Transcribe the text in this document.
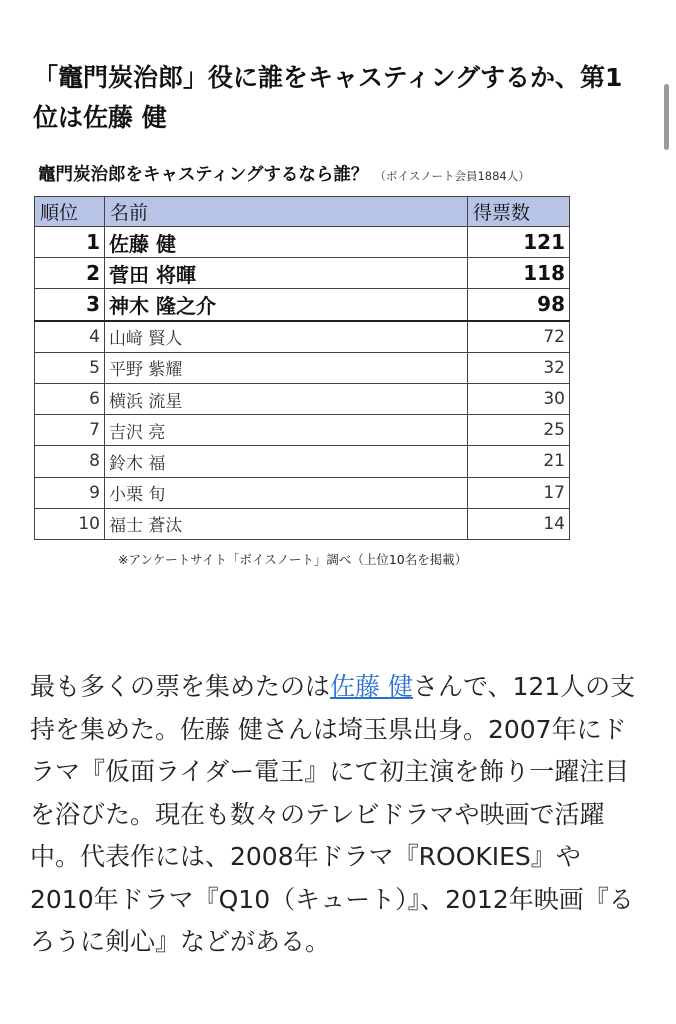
「竈門炭治郎」役に誰をキャスティングするか、第1位は佐藤 健
竈門炭治郎をキャスティングするなら誰？ （ボイスノート会員1884人）
順位	名前	得票数
1	佐藤 健	121
2	菅田 将暉	118
3	神木 隆之介	98
4	山﨑 賢人	72
5	平野 紫耀	32
6	横浜 流星	30
7	吉沢 亮	25
8	鈴木 福	21
9	小栗 旬	17
10	福士 蒼汰	14
※アンケートサイト「ボイスノート」調べ（上位10名を掲載）

最も多くの票を集めたのは佐藤 健さんで、121人の支持を集めた。佐藤 健さんは埼玉県出身。2007年にドラマ『仮面ライダー電王』にて初主演を飾り一躍注目を浴びた。現在も数々のテレビドラマや映画で活躍中。代表作には、2008年ドラマ『ROOKIES』や2010年ドラマ『Q10（キュート）』、2012年映画『るろうに剣心』などがある。
